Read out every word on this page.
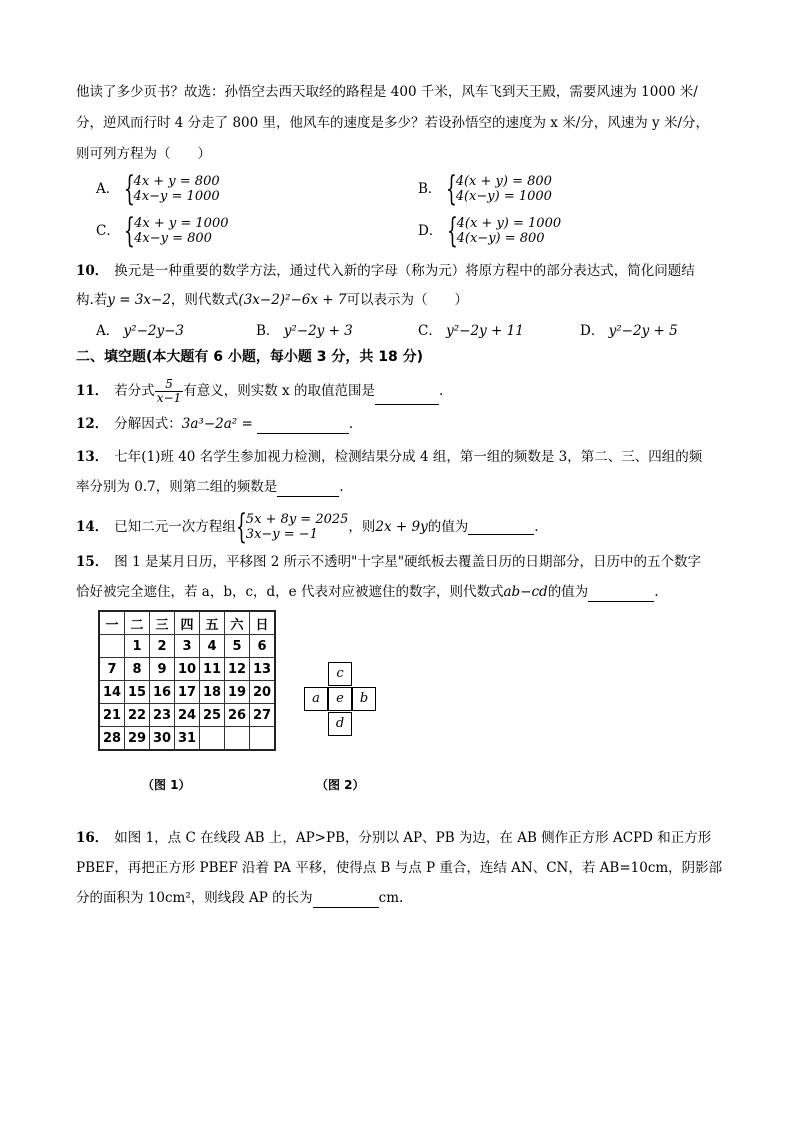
他读了多少页书？故选：孙悟空去西天取经的路程是 400 千米，风车飞到天王殿，需要风速为 1000 米/
分，逆风而行时 4 分走了 800 里，他风车的速度是多少？若设孙悟空的速度为 x 米/分，风速为 y 米/分，
则可列方程为（　　）
A． { 4x + y = 800
4x−y = 1000	B． { 4(x + y) = 800
4(x−y) = 1000
C． { 4x + y = 1000
4x−y = 800	D． { 4(x + y) = 1000
4(x−y) = 800
10． 换元是一种重要的数学方法，通过代入新的字母（称为元）将原方程中的部分表达式，简化问题结
构.若y = 3x−2，则代数式(3x−2)²−6x + 7可以表示为（　　）
A． y²−2y−3	B． y²−2y + 3	C． y²−2y + 11	D． y²−2y + 5
二、填空题(本大题有 6 小题，每小题 3 分，共 18 分)
11． 若分式 $\frac{5}{x-1}$ 有意义，则实数 x 的取值范围是	.
12． 分解因式：3a³−2a² =	.
13． 七年(1)班 40 名学生参加视力检测，检测结果分成 4 组，第一组的频数是 3，第二、三、四组的频
率分别为 0.7，则第二组的频数是	.
14． 已知二元一次方程组 { 5x + 8y = 2025
3x−y = −1	，则2x + 9y的值为	.
15． 图 1 是某月日历，平移图 2 所示不透明"十字星"硬纸板去覆盖日历的日期部分，日历中的五个数字
恰好被完全遮住，若 a，b，c，d，e 代表对应被遮住的数字，则代数式ab−cd的值为	.
一	二	三	四	五	六	日
	1	2	3	4	5	6
7	8	9	10	11	12	13
14	15	16	17	18	19	20
21	22	23	24	25	26	27
28	29	30	31			
（图 1）
c
a	e	b
d
（图 2）
16． 如图 1，点 C 在线段 AB 上，AP>PB，分别以 AP、PB 为边，在 AB 侧作正方形 ACPD 和正方形
PBEF，再把正方形 PBEF 沿着 PA 平移，使得点 B 与点 P 重合，连结 AN、CN，若 AB=10cm，阴影部
分的面积为 10cm²，则线段 AP 的长为	cm.
